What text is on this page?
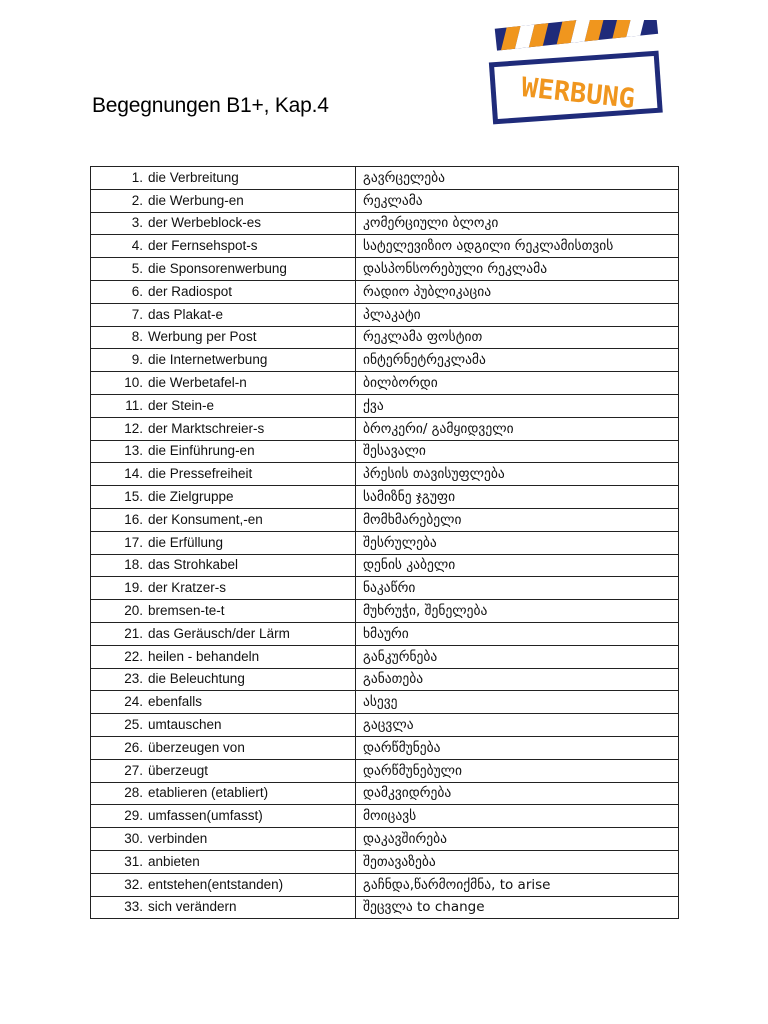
Begegnungen B1+, Kap.4	WERBUNG
1. die Verbreitung	გავრცელება
2. die Werbung-en	რეკლამა
3. der Werbeblock-es	კომერციული ბლოკი
4. der Fernsehspot-s	სატელევიზიო ადგილი რეკლამისთვის
5. die Sponsorenwerbung	დასპონსორებული რეკლამა
6. der Radiospot	რადიო პუბლიკაცია
7. das Plakat-e	პლაკატი
8. Werbung per Post	რეკლამა ფოსტით
9. die Internetwerbung	ინტერნეტრეკლამა
10. die Werbetafel-n	ბილბორდი
11. der Stein-e	ქვა
12. der Marktschreier-s	ბროკერი/ გამყიდველი
13. die Einführung-en	შესავალი
14. die Pressefreiheit	პრესის თავისუფლება
15. die Zielgruppe	სამიზნე ჯგუფი
16. der Konsument,-en	მომხმარებელი
17. die Erfüllung	შესრულება
18. das Strohkabel	დენის კაბელი
19. der Kratzer-s	ნაკაწრი
20. bremsen-te-t	მუხრუჭი, შენელება
21. das Geräusch/der Lärm	ხმაური
22. heilen - behandeln	განკურნება
23. die Beleuchtung	განათება
24. ebenfalls	ასევე
25. umtauschen	გაცვლა
26. überzeugen von	დარწმუნება
27. überzeugt	დარწმუნებული
28. etablieren (etabliert)	დამკვიდრება
29. umfassen(umfasst)	მოიცავს
30. verbinden	დაკავშირება
31. anbieten	შეთავაზება
32. entstehen(entstanden)	გაჩნდა,წარმოიქმნა, to arise
33. sich verändern	შეცვლა to change
